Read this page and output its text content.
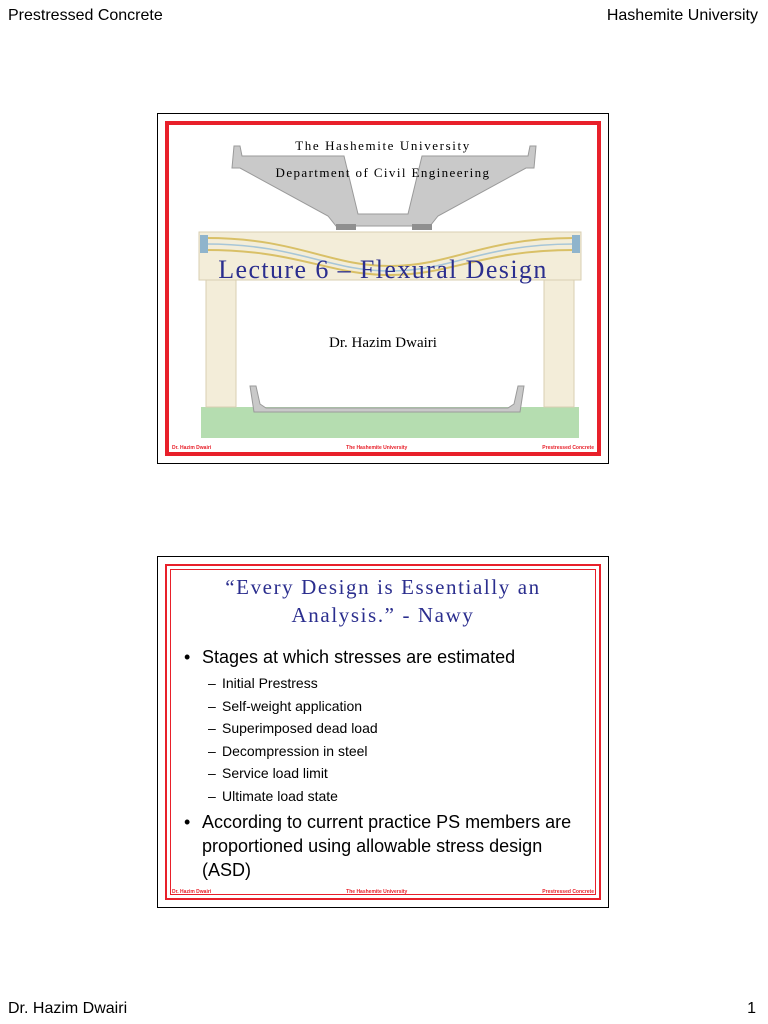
Prestressed Concrete	Hashemite University
The Hashemite University
Department of Civil Engineering
Lecture 6 – Flexural Design
Dr. Hazim Dwairi
Dr. Hazim Dwairi	The Hashemite University	Prestressed Concrete
“Every Design is Essentially an
Analysis.” - Nawy
• Stages at which stresses are estimated
– Initial Prestress
– Self-weight application
– Superimposed dead load
– Decompression in steel
– Service load limit
– Ultimate load state
• According to current practice PS members are proportioned using allowable stress design (ASD)
Dr. Hazim Dwairi	The Hashemite University	Prestressed Concrete
Dr. Hazim Dwairi	1
